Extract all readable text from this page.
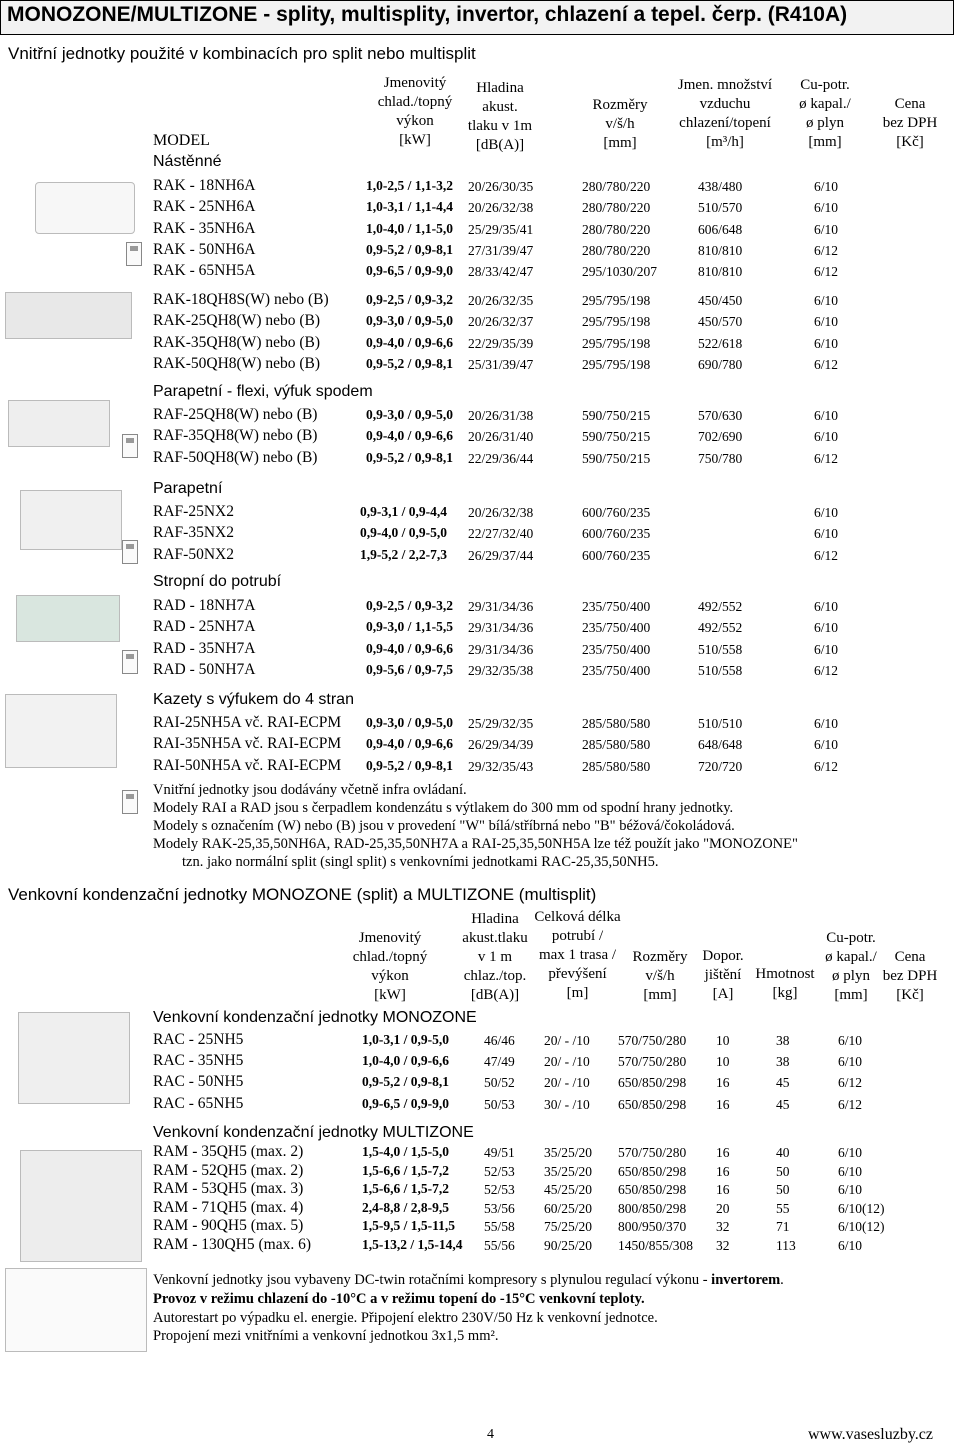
MONOZONE/MULTIZONE - splity, multisplity, invertor, chlazení a tepel. čerp. (R410A)
Vnitřní jednotky použité v kombinacích pro split nebo multisplit
MODEL
Jmenovitý
chlad./topný
výkon
[kW]
Hladina
akust.
tlaku v 1m
[dB(A)]
Rozměry
v/š/h
[mm]
Jmen. množství
vzduchu
chlazení/topení
[m³/h]
Cu-potr.
ø kapal./
ø plyn
[mm]
Cena
bez DPH
[Kč]
Nástěnné
RAK - 18NH6A	1,0-2,5 / 1,1-3,2 20/26/30/35	280/780/220	438/480	6/10
RAK - 25NH6A	1,0-3,1 / 1,1-4,4 20/26/32/38	280/780/220	510/570	6/10
RAK - 35NH6A	1,0-4,0 / 1,1-5,0 25/29/35/41	280/780/220	606/648	6/10
RAK - 50NH6A	0,9-5,2 / 0,9-8,1 27/31/39/47	280/780/220	810/810	6/12
RAK - 65NH5A	0,9-6,5 / 0,9-9,0 28/33/42/47	295/1030/207	810/810	6/12
RAK-18QH8S(W) nebo (B)	0,9-2,5 / 0,9-3,2 20/26/32/35	295/795/198	450/450	6/10
RAK-25QH8(W) nebo (B)	0,9-3,0 / 0,9-5,0 20/26/32/37	295/795/198	450/570	6/10
RAK-35QH8(W) nebo (B)	0,9-4,0 / 0,9-6,6 22/29/35/39	295/795/198	522/618	6/10
RAK-50QH8(W) nebo (B)	0,9-5,2 / 0,9-8,1 25/31/39/47	295/795/198	690/780	6/12
Parapetní - flexi, výfuk spodem
RAF-25QH8(W) nebo (B)	0,9-3,0 / 0,9-5,0 20/26/31/38	590/750/215	570/630	6/10
RAF-35QH8(W) nebo (B)	0,9-4,0 / 0,9-6,6 20/26/31/40	590/750/215	702/690	6/10
RAF-50QH8(W) nebo (B)	0,9-5,2 / 0,9-8,1 22/29/36/44	590/750/215	750/780	6/12
Parapetní
RAF-25NX2	0,9-3,1 / 0,9-4,4 20/26/32/38	600/760/235	6/10
RAF-35NX2	0,9-4,0 / 0,9-5,0 22/27/32/40	600/760/235	6/10
RAF-50NX2	1,9-5,2 / 2,2-7,3 26/29/37/44	600/760/235	6/12
Stropní do potrubí
RAD - 18NH7A	0,9-2,5 / 0,9-3,2 29/31/34/36	235/750/400	492/552	6/10
RAD - 25NH7A	0,9-3,0 / 1,1-5,5 29/31/34/36	235/750/400	492/552	6/10
RAD - 35NH7A	0,9-4,0 / 0,9-6,6 29/31/34/36	235/750/400	510/558	6/10
RAD - 50NH7A	0,9-5,6 / 0,9-7,5 29/32/35/38	235/750/400	510/558	6/12
Kazety s výfukem do 4 stran
RAI-25NH5A vč. RAI-ECPM 0,9-3,0 / 0,9-5,0 25/29/32/35	285/580/580	510/510	6/10
RAI-35NH5A vč. RAI-ECPM 0,9-4,0 / 0,9-6,6 26/29/34/39	285/580/580	648/648	6/10
RAI-50NH5A vč. RAI-ECPM 0,9-5,2 / 0,9-8,1 29/32/35/43	285/580/580	720/720	6/12
Vnitřní jednotky jsou dodávány včetně infra ovládaní.
Modely RAI a RAD jsou s čerpadlem kondenzátu s výtlakem do 300 mm od spodní hrany jednotky.
Modely s označením (W) nebo (B) jsou v provedení "W" bílá/stříbrná nebo "B" béžová/čokoládová.
Modely RAK-25,35,50NH6A, RAD-25,35,50NH7A a RAI-25,35,50NH5A lze též použít jako "MONOZONE"
tzn. jako normální split (singl split) s venkovními jednotkami RAC-25,35,50NH5.
Venkovní kondenzační jednotky MONOZONE (split) a MULTIZONE (multisplit)
Jmenovitý
chlad./topný
výkon
[kW]
Hladina
akust.tlaku
v 1 m
chlaz./top.
[dB(A)]
Celková délka
potrubí /
max 1 trasa /
převýšení
[m]
Rozměry
v/š/h
[mm]
Dopor.
jištění
[A]
Hmotnost
[kg]
Cu-potr.
ø kapal./
ø plyn
[mm]
Cena
bez DPH
[Kč]
Venkovní kondenzační jednotky MONOZONE
RAC - 25NH5	1,0-3,1 / 0,9-5,0	46/46 20/ - /10 570/750/280 10	38	6/10
RAC - 35NH5	1,0-4,0 / 0,9-6,6	47/49 20/ - /10 570/750/280 10	38	6/10
RAC - 50NH5	0,9-5,2 / 0,9-8,1	50/52 20/ - /10 650/850/298 16	45	6/12
RAC - 65NH5	0,9-6,5 / 0,9-9,0	50/53 30/ - /10 650/850/298 16	45	6/12
Venkovní kondenzační jednotky MULTIZONE
RAM - 35QH5 (max. 2)	1,5-4,0 / 1,5-5,0	49/51 35/25/20 570/750/280 16	40	6/10
RAM - 52QH5 (max. 2)	1,5-6,6 / 1,5-7,2	52/53 35/25/20 650/850/298 16	50	6/10
RAM - 53QH5 (max. 3)	1,5-6,6 / 1,5-7,2	52/53 45/25/20 650/850/298 16	50	6/10
RAM - 71QH5 (max. 4)	2,4-8,8 / 2,8-9,5	53/56 60/25/20 800/850/298 20	55	6/10(12)
RAM - 90QH5 (max. 5)	1,5-9,5 / 1,5-11,5 55/58 75/25/20 800/950/370 32	71	6/10(12)
RAM - 130QH5 (max. 6)	1,5-13,2 / 1,5-14,4 55/56 90/25/20 1450/855/308 32	113	6/10
Venkovní jednotky jsou vybaveny DC-twin rotačními kompresory s plynulou regulací výkonu - invertorem.
Provoz v režimu chlazení do -10°C a v režimu topení do -15°C venkovní teploty.
Autorestart po výpadku el. energie. Připojení elektro 230V/50 Hz k venkovní jednotce.
Propojení mezi vnitřními a venkovní jednotkou 3x1,5 mm².
4	www.vasesluzby.cz
